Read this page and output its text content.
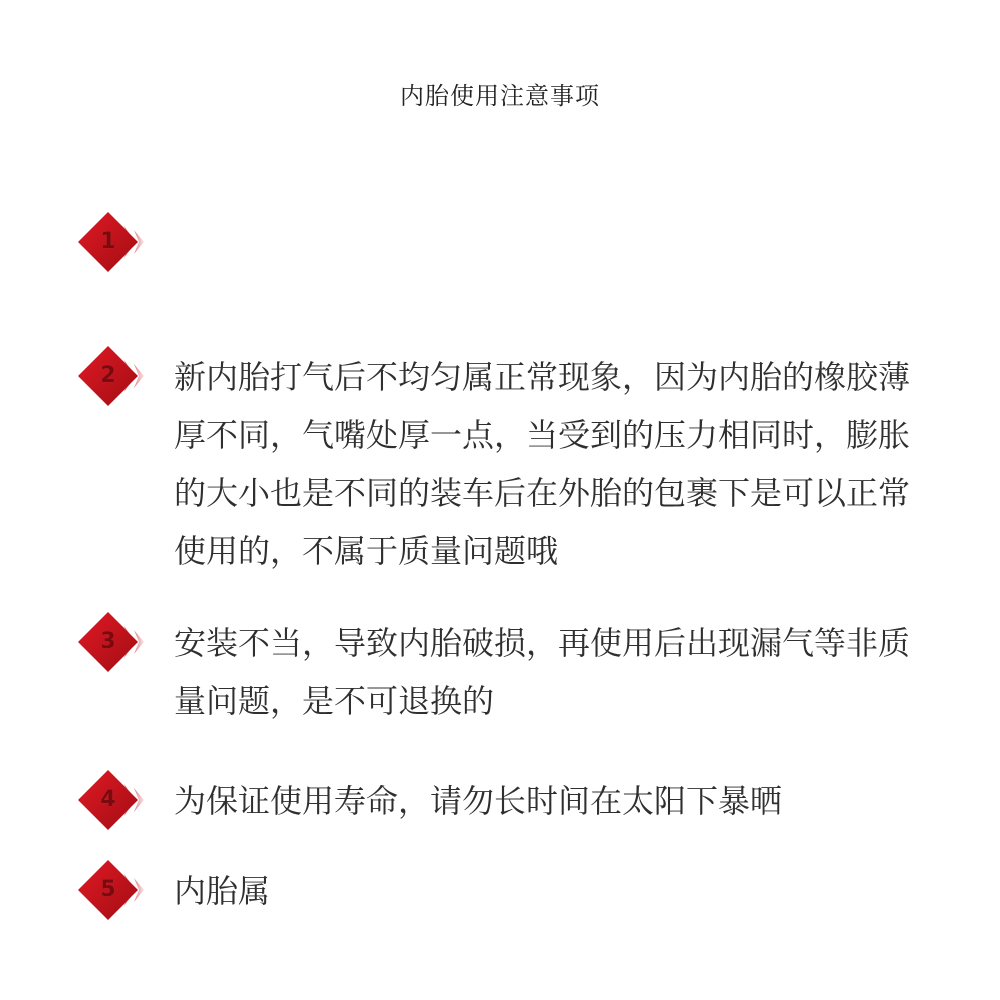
内胎使用注意事项
1
2	新内胎打气后不均匀属正常现象，因为内胎的橡胶薄
厚不同，气嘴处厚一点，当受到的压力相同时，膨胀
的大小也是不同的装车后在外胎的包裹下是可以正常
使用的，不属于质量问题哦
3	安装不当，导致内胎破损，再使用后出现漏气等非质
量问题，是不可退换的
4	为保证使用寿命，请勿长时间在太阳下暴晒
5	内胎属
